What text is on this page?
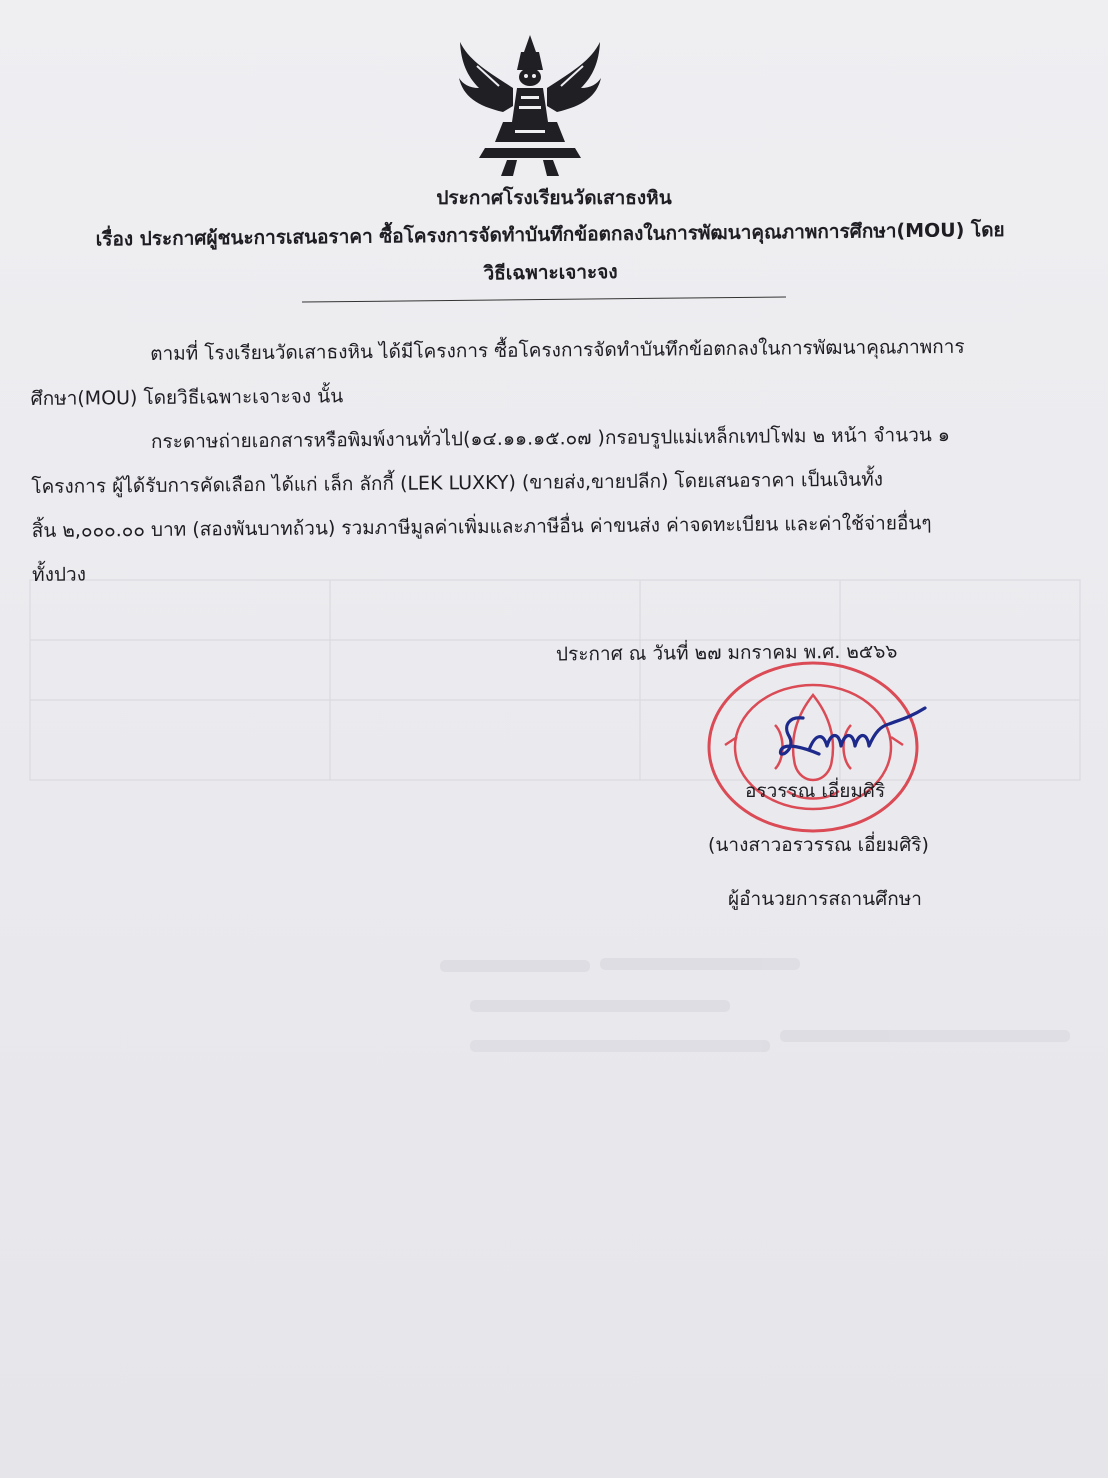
ประกาศโรงเรียนวัดเสาธงหิน
เรื่อง ประกาศผู้ชนะการเสนอราคา ซื้อโครงการจัดทำบันทึกข้อตกลงในการพัฒนาคุณภาพการศึกษา(MOU) โดย
วิธีเฉพาะเจาะจง

ตามที่ โรงเรียนวัดเสาธงหิน ได้มีโครงการ ซื้อโครงการจัดทำบันทึกข้อตกลงในการพัฒนาคุณภาพการ

ศึกษา(MOU) โดยวิธีเฉพาะเจาะจง นั้น

กระดาษถ่ายเอกสารหรือพิมพ์งานทั่วไป(๑๔.๑๑.๑๕.๐๗ )กรอบรูปแม่เหล็กเทปโฟม ๒ หน้า จำนวน ๑

โครงการ ผู้ได้รับการคัดเลือก ได้แก่ เล็ก ลักกี้ (LEK LUXKY) (ขายส่ง,ขายปลีก) โดยเสนอราคา เป็นเงินทั้ง

สิ้น ๒,๐๐๐.๐๐ บาท (สองพันบาทถ้วน) รวมภาษีมูลค่าเพิ่มและภาษีอื่น ค่าขนส่ง ค่าจดทะเบียน และค่าใช้จ่ายอื่นๆ

ทั้งปวง

ประกาศ ณ วันที่ ๒๗ มกราคม พ.ศ. ๒๕๖๖
อรวรรณ เอี่ยมศิริ
(นางสาวอรวรรณ เอี่ยมศิริ)
ผู้อำนวยการสถานศึกษา
